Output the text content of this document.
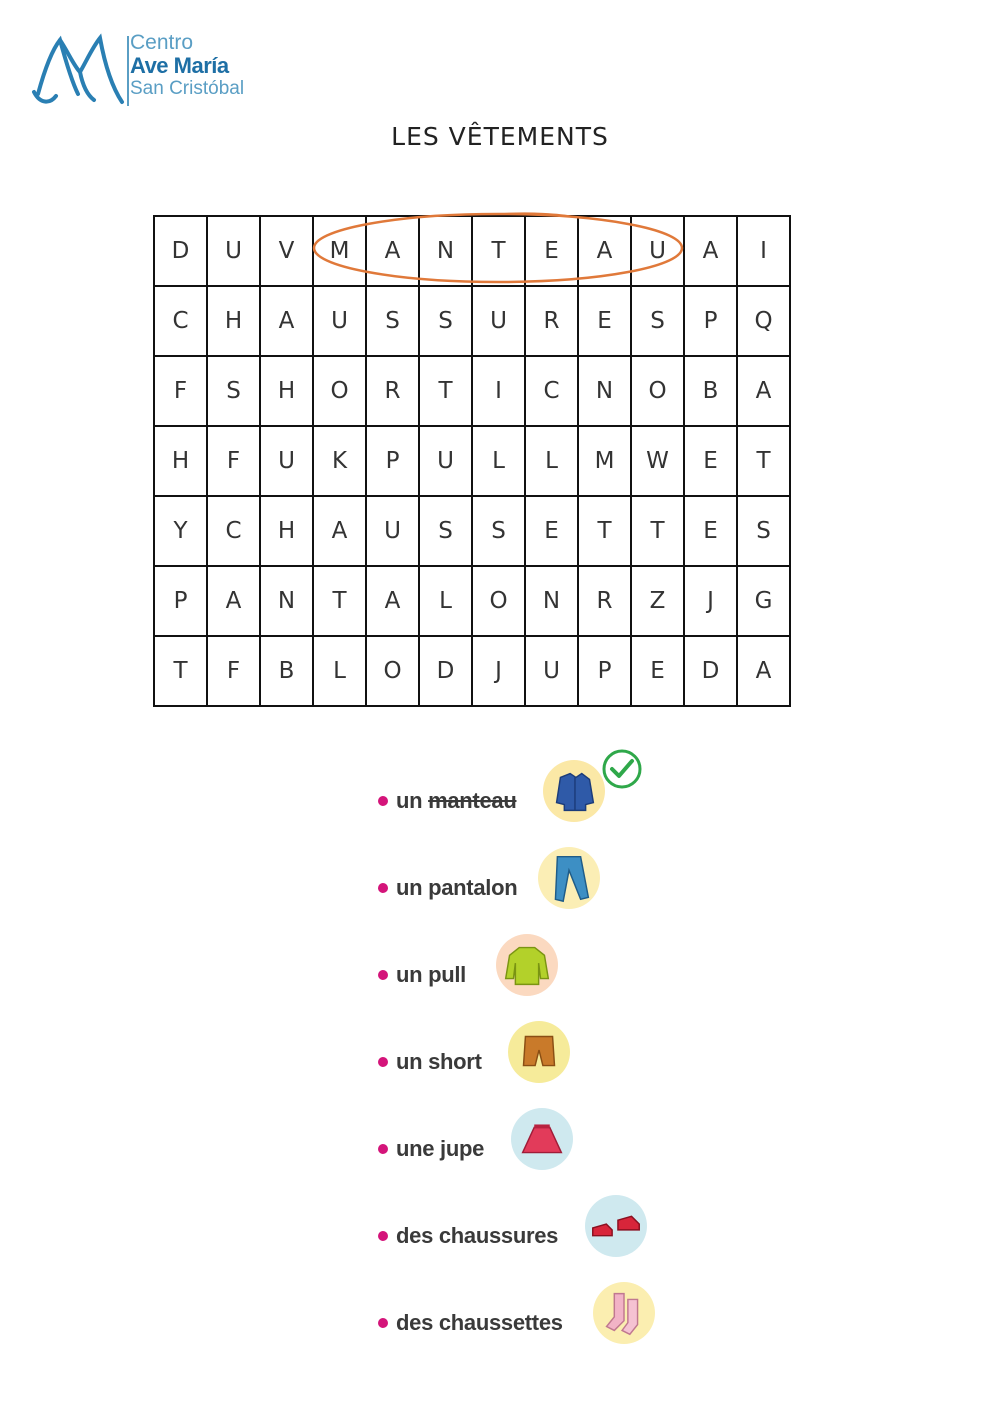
Centro
Ave María
San Cristóbal
LES VÊTEMENTS
D	U	V	M	A	N	T	E	A	U	A	I
C	H	A	U	S	S	U	R	E	S	P	Q
F	S	H	O	R	T	I	C	N	O	B	A
H	F	U	K	P	U	L	L	M	W	E	T
Y	C	H	A	U	S	S	E	T	T	E	S
P	A	N	T	A	L	O	N	R	Z	J	G
T	F	B	L	O	D	J	U	P	E	D	A
un manteau
un pantalon
un pull
un short
une jupe
des chaussures
des chaussettes
